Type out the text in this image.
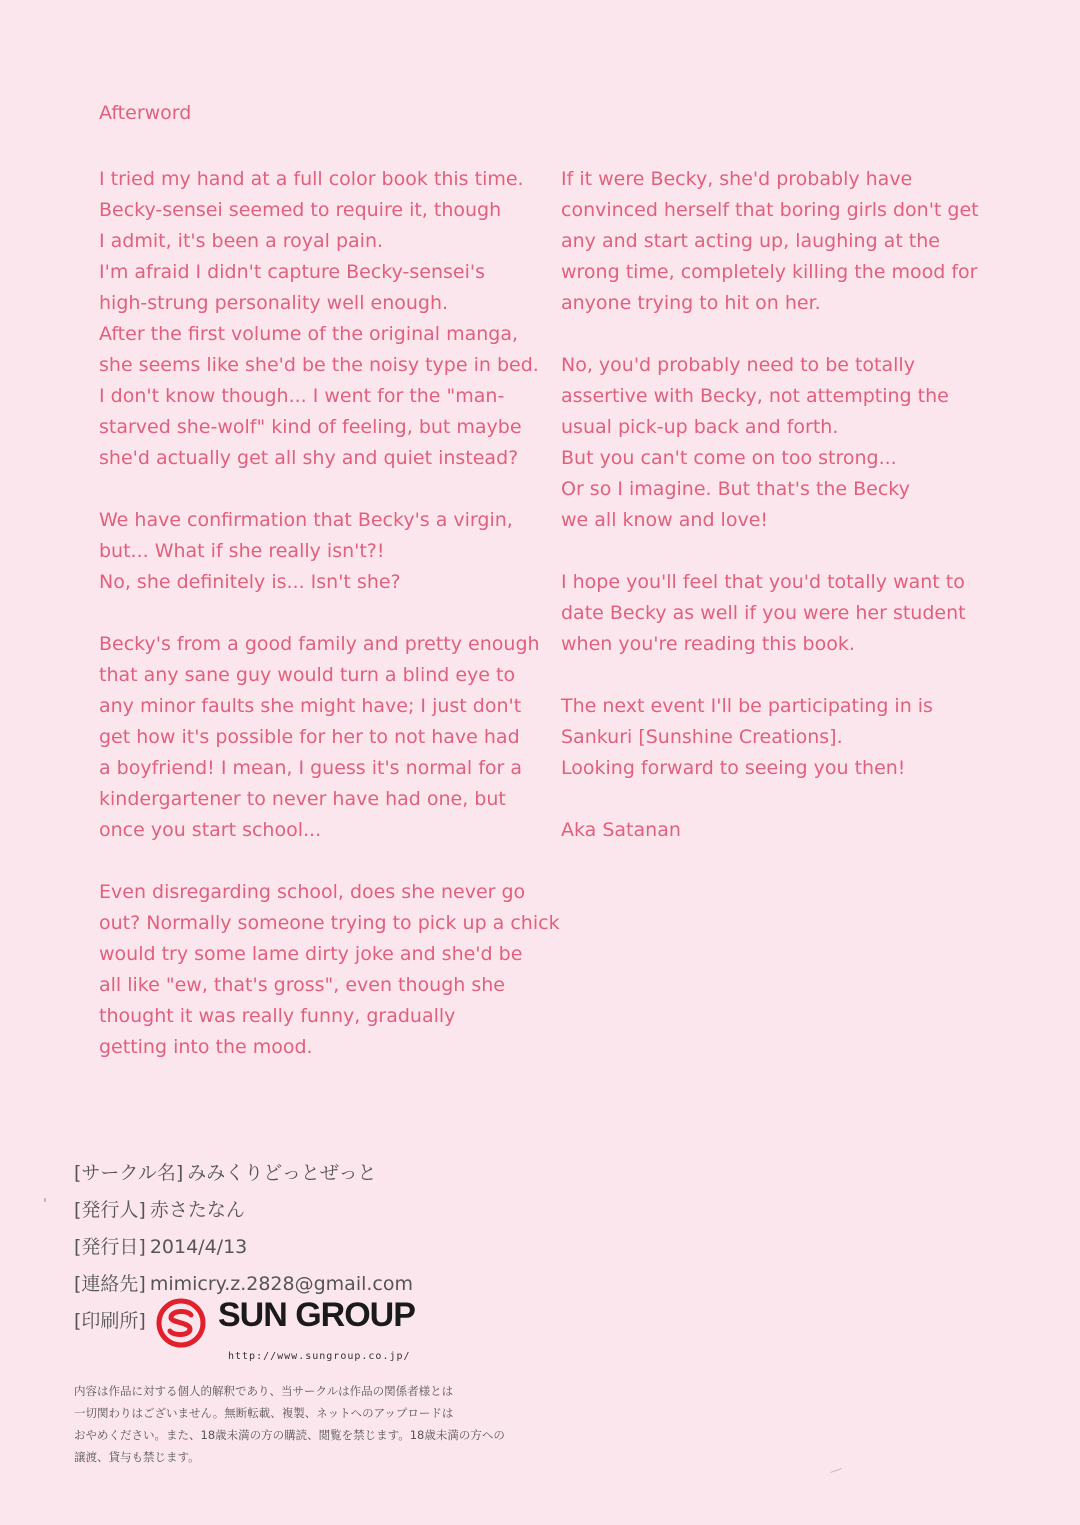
Afterword
I tried my hand at a full color book this time.
Becky-sensei seemed to require it, though
I admit, it's been a royal pain.
I'm afraid I didn't capture Becky-sensei's
high-strung personality well enough.
After the first volume of the original manga,
she seems like she'd be the noisy type in bed.
I don't know though... I went for the "man-
starved she-wolf" kind of feeling, but maybe
she'd actually get all shy and quiet instead?
We have confirmation that Becky's a virgin,
but... What if she really isn't?!
No, she definitely is... Isn't she?
Becky's from a good family and pretty enough
that any sane guy would turn a blind eye to
any minor faults she might have; I just don't
get how it's possible for her to not have had
a boyfriend! I mean, I guess it's normal for a
kindergartener to never have had one, but
once you start school...
Even disregarding school, does she never go
out? Normally someone trying to pick up a chick
would try some lame dirty joke and she'd be
all like "ew, that's gross", even though she
thought it was really funny, gradually
getting into the mood.
If it were Becky, she'd probably have
convinced herself that boring girls don't get
any and start acting up, laughing at the
wrong time, completely killing the mood for
anyone trying to hit on her.
No, you'd probably need to be totally
assertive with Becky, not attempting the
usual pick-up back and forth.
But you can't come on too strong...
Or so I imagine. But that's the Becky
we all know and love!
I hope you'll feel that you'd totally want to
date Becky as well if you were her student
when you're reading this book.
The next event I'll be participating in is
Sankuri [Sunshine Creations].
Looking forward to seeing you then!
Aka Satanan
[サークル名] みみくりどっとぜっと
[発行人] 赤さたなん
[発行日] 2014/4/13
[連絡先] mimicry.z.2828@gmail.com
[印刷所] SUN GROUP
http://www.sungroup.co.jp/
内容は作品に対する個人的解釈であり、当サークルは作品の関係者様とは
一切関わりはございません。無断転載、複製、ネットへのアップロードは
おやめください。また、18歳未満の方の購読、閲覧を禁じます。18歳未満の方への
譲渡、貸与も禁じます。
